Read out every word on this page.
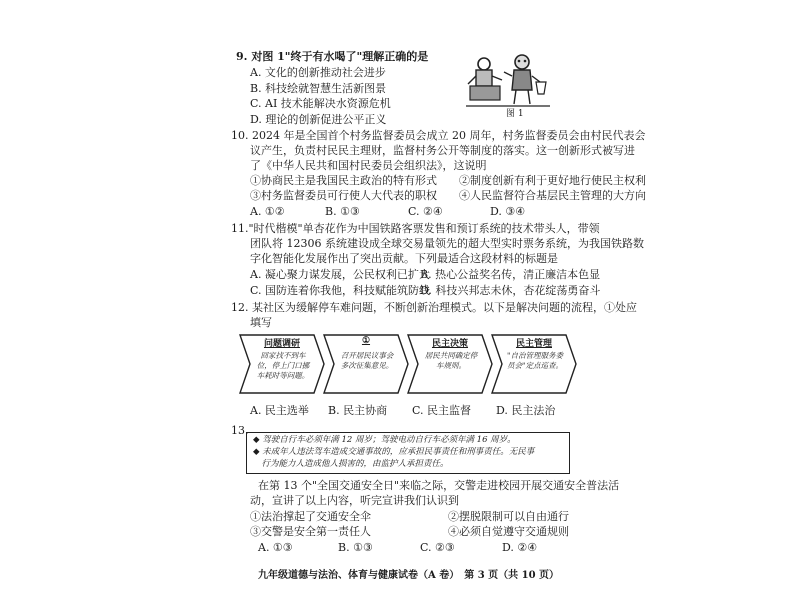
9. 对图 1"终于有水喝了"理解正确的是
A. 文化的创新推动社会进步
B. 科技绘就智慧生活新图景
C. AI 技术能解决水资源危机
D. 理论的创新促进公平正义	图 1
10. 2024 年是全国首个村务监督委员会成立 20 周年，村务监督委员会由村民代表会
议产生，负责村民民主理财，监督村务公开等制度的落实。这一创新形式被写进
了《中华人民共和国村民委员会组织法》，这说明
①协商民主是我国民主政治的特有形式　　②制度创新有利于更好地行使民主权利
③村务监督委员可行使人大代表的职权　　④人民监督符合基层民主管理的大方向
A. ①②	B. ①③	C. ②④	D. ③④
11."时代楷模"单杏花作为中国铁路客票发售和预订系统的技术带头人，带领
团队将 12306 系统建设成全球交易量领先的超大型实时票务系统，为我国铁路数
字化智能化发展作出了突出贡献。下列最适合这段材料的标题是
A. 凝心聚力谋发展，公民权利已扩大
B. 热心公益奖名传，清正廉洁本色显
C. 国防连着你我他，科技赋能筑防线
D. 科技兴邦志未休，杏花绽荡勇奋斗
12. 某社区为缓解停车难问题，不断创新治理模式。以下是解决问题的流程，①处应
填写
问题调研
回家找不到车位，停上门口挪车耗时等问题。
①
召开居民议事会多次征集意见。
民主决策
居民共同确定停车规则。
民主管理
"自治管理服务委员会"定点巡查。
A. 民主选举 B. 民主协商 C. 民主监督 D. 民主法治
13.
◆ 驾驶自行车必须年满 12 周岁；驾驶电动自行车必须年满 16 周岁。
◆ 未成年人违法驾车造成交通事故的，应承担民事责任和刑事责任。无民事
　行为能力人造成他人损害的，由监护人承担责任。
在第 13 个"全国交通安全日"来临之际，交警走进校园开展交通安全普法活
动，宣讲了以上内容，听完宣讲我们认识到
①法治撑起了交通安全伞　　　　　　　②摆脱限制可以自由通行
③交警是安全第一责任人　　　　　　　④必须自觉遵守交通规则
A. ①③	B. ①③	C. ②③	D. ②④
九年级道德与法治、体育与健康试卷（A 卷）　第 3 页（共 10 页）
